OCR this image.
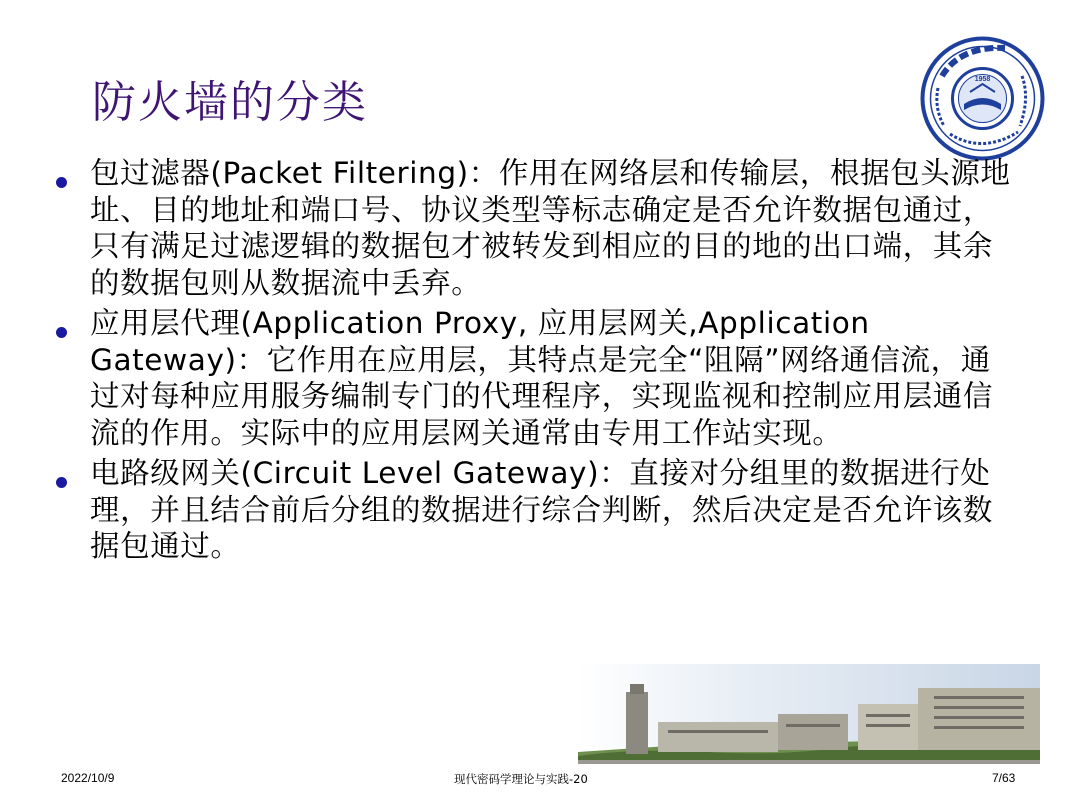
防火墙的分类	1958
包过滤器(Packet Filtering)：作用在网络层和传输层，根据包头源地址、目的地址和端口号、协议类型等标志确定是否允许数据包通过，只有满足过滤逻辑的数据包才被转发到相应的目的地的出口端，其余的数据包则从数据流中丢弃。
应用层代理(Application Proxy, 应用层网关,Application Gateway)：它作用在应用层，其特点是完全“阻隔”网络通信流，通过对每种应用服务编制专门的代理程序，实现监视和控制应用层通信流的作用。实际中的应用层网关通常由专用工作站实现。
电路级网关(Circuit Level Gateway)：直接对分组里的数据进行处理，并且结合前后分组的数据进行综合判断，然后决定是否允许该数据包通过。
2022/10/9	现代密码学理论与实践-20	7/63
